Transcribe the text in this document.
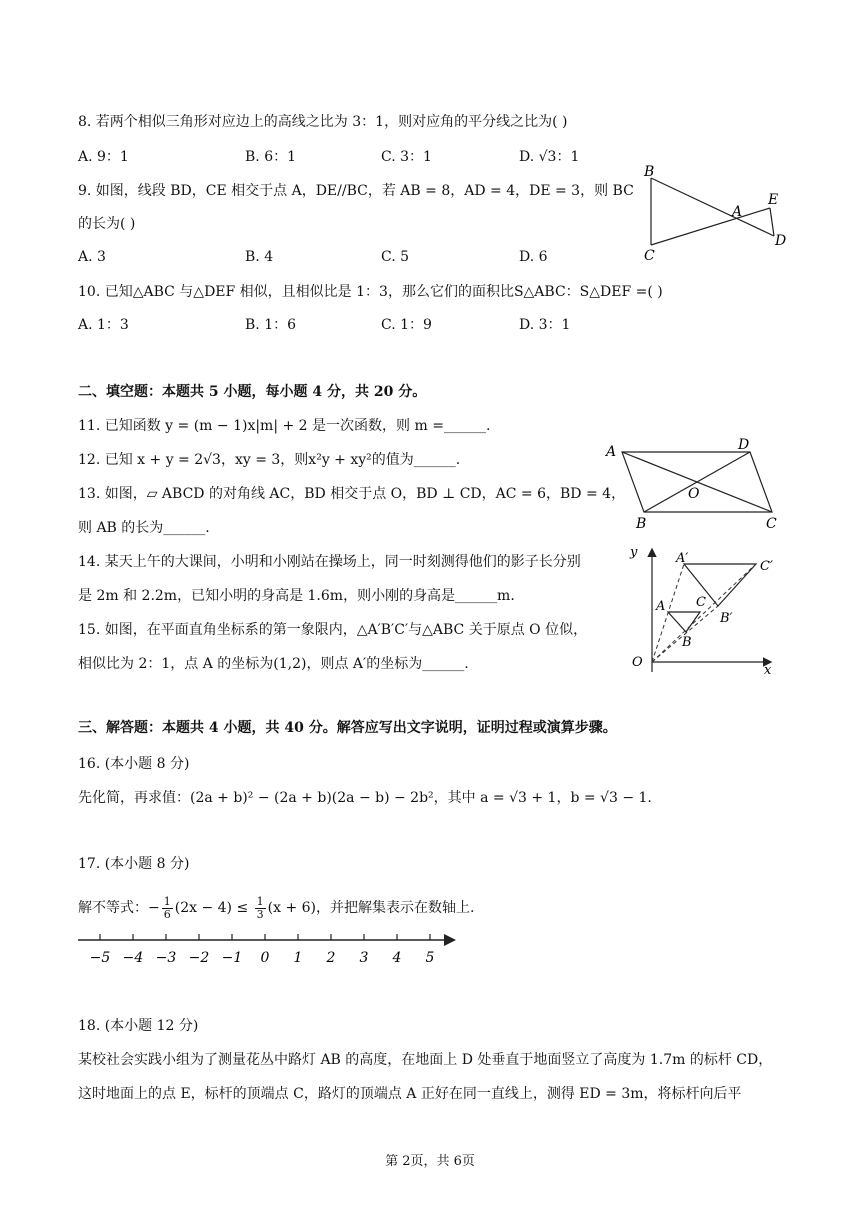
8. 若两个相似三角形对应边上的高线之比为 3：1，则对应角的平分线之比为( )
A. 9：1	B. 6：1	C. 3：1	D. √3：1
9. 如图，线段 BD，CE 相交于点 A，DE//BC，若 AB = 8，AD = 4，DE = 3，则 BC
的长为( )
A. 3	B. 4	C. 5	D. 6
B
A
E
D
C
10. 已知△ABC 与△DEF 相似，且相似比是 1：3，那么它们的面积比S△ABC：S△DEF =( )
A. 1：3	B. 1：6	C. 1：9	D. 3：1
二、填空题：本题共 5 小题，每小题 4 分，共 20 分。
11. 已知函数 y = (m − 1)x|m| + 2 是一次函数，则 m =______.
12. 已知 x + y = 2√3，xy = 3，则x²y + xy²的值为______.
13. 如图，▱ ABCD 的对角线 AC，BD 相交于点 O，BD ⊥ CD，AC = 6，BD = 4，
则 AB 的长为______.
A	D
O
B	C
14. 某天上午的大课间，小明和小刚站在操场上，同一时刻测得他们的影子长分别
是 2m 和 2.2m，已知小明的身高是 1.6m，则小刚的身高是______m.
15. 如图，在平面直角坐标系的第一象限内，△A′B′C′与△ABC 关于原点 O 位似，
相似比为 2：1，点 A 的坐标为(1,2)，则点 A′的坐标为______.
y	A′
C′
A C
B′
B
O
x
三、解答题：本题共 4 小题，共 40 分。解答应写出文字说明，证明过程或演算步骤。
16. (本小题 8 分)
先化简，再求值：(2a + b)² − (2a + b)(2a − b) − 2b²，其中 a = √3 + 1，b = √3 − 1.
17. (本小题 8 分)
解不等式：− $\frac{1}{6} (2x - 4) \le \frac{1}{3} (x + 6)$，并把解集表示在数轴上.
−5 −4 −3 −2 −1 0 1 2 3 4 5
18. (本小题 12 分)
某校社会实践小组为了测量花丛中路灯 AB 的高度，在地面上 D 处垂直于地面竖立了高度为 1.7m 的标杆 CD，
这时地面上的点 E，标杆的顶端点 C，路灯的顶端点 A 正好在同一直线上，测得 ED = 3m，将标杆向后平
第 2页，共 6页
